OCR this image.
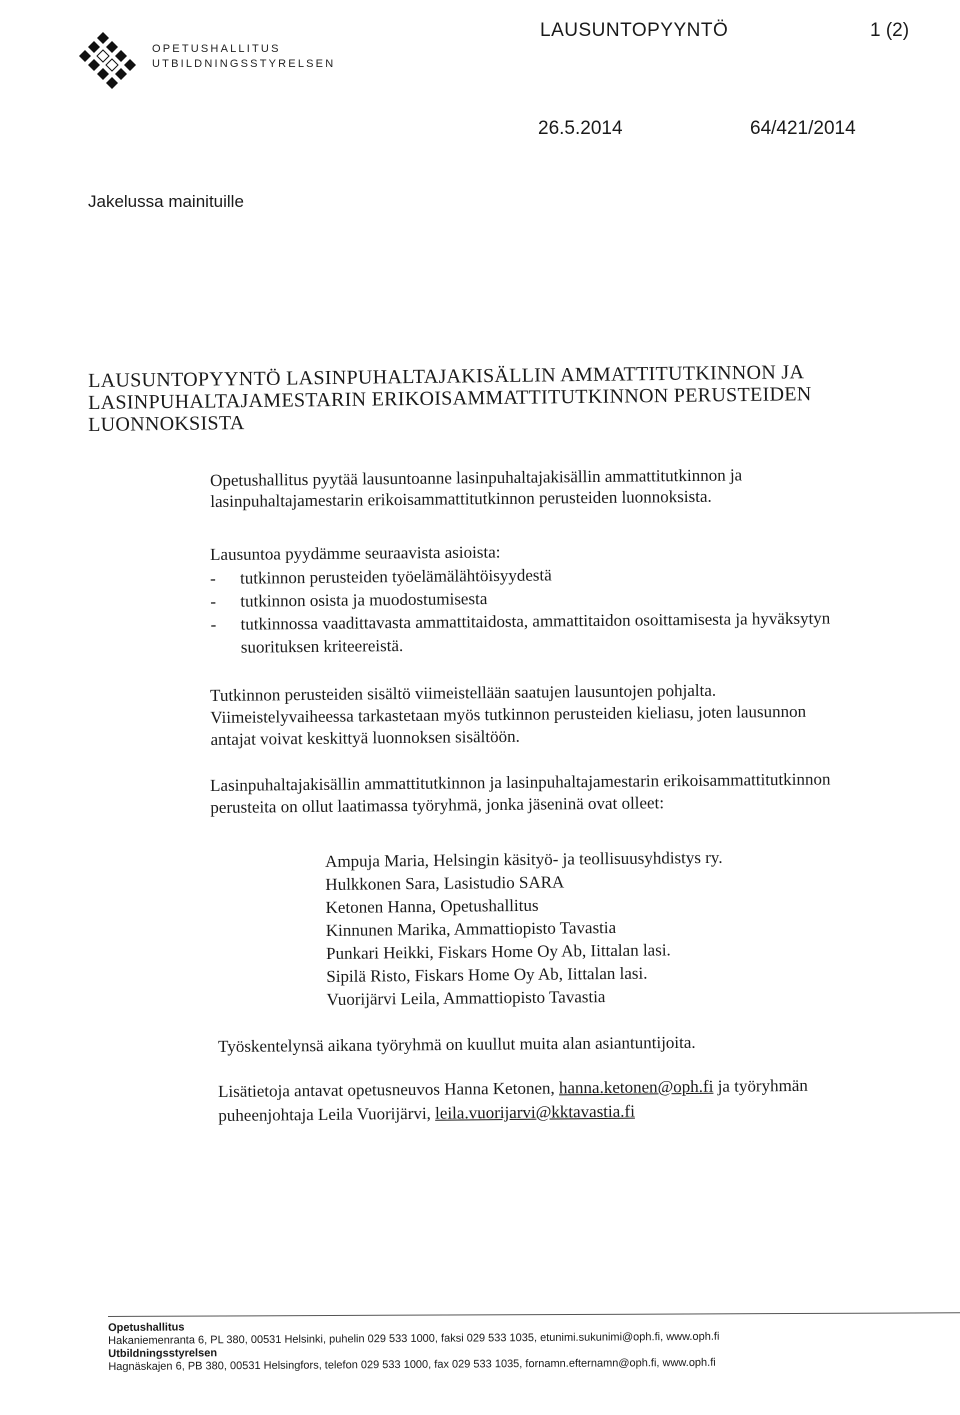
OPETUSHALLITUS
UTBILDNINGSSTYRELSEN
LAUSUNTOPYYNTÖ	1 (2)
26.5.2014	64/421/2014
Jakelussa mainituille
LAUSUNTOPYYNTÖ LASINPUHALTAJAKISÄLLIN AMMATTITUTKINNON JA
LASINPUHALTAJAMESTARIN ERIKOISAMMATTITUTKINNON PERUSTEIDEN
LUONNOKSISTA
Opetushallitus pyytää lausuntoanne lasinpuhaltajakisällin ammattitutkinnon ja
lasinpuhaltajamestarin erikoisammattitutkinnon perusteiden luonnoksista.
Lausuntoa pyydämme seuraavista asioista:
- tutkinnon perusteiden työelämälähtöisyydestä
- tutkinnon osista ja muodostumisesta
- tutkinnossa vaadittavasta ammattitaidosta, ammattitaidon osoittamisesta ja hyväksytyn
suorituksen kriteereistä.
Tutkinnon perusteiden sisältö viimeistellään saatujen lausuntojen pohjalta.
Viimeistelyvaiheessa tarkastetaan myös tutkinnon perusteiden kieliasu, joten lausunnon
antajat voivat keskittyä luonnoksen sisältöön.
Lasinpuhaltajakisällin ammattitutkinnon ja lasinpuhaltajamestarin erikoisammattitutkinnon
perusteita on ollut laatimassa työryhmä, jonka jäseninä ovat olleet:
Ampuja Maria, Helsingin käsityö- ja teollisuusyhdistys ry.
Hulkkonen Sara, Lasistudio SARA
Ketonen Hanna, Opetushallitus
Kinnunen Marika, Ammattiopisto Tavastia
Punkari Heikki, Fiskars Home Oy Ab, Iittalan lasi.
Sipilä Risto, Fiskars Home Oy Ab, Iittalan lasi.
Vuorijärvi Leila, Ammattiopisto Tavastia
Työskentelynsä aikana työryhmä on kuullut muita alan asiantuntijoita.
Lisätietoja antavat opetusneuvos Hanna Ketonen, hanna.ketonen@oph.fi ja työryhmän
puheenjohtaja Leila Vuorijärvi, leila.vuorijarvi@kktavastia.fi
Opetushallitus
Hakaniemenranta 6, PL 380, 00531 Helsinki, puhelin 029 533 1000, faksi 029 533 1035, etunimi.sukunimi@oph.fi, www.oph.fi
Utbildningsstyrelsen
Hagnäskajen 6, PB 380, 00531 Helsingfors, telefon 029 533 1000, fax 029 533 1035, fornamn.efternamn@oph.fi, www.oph.fi
